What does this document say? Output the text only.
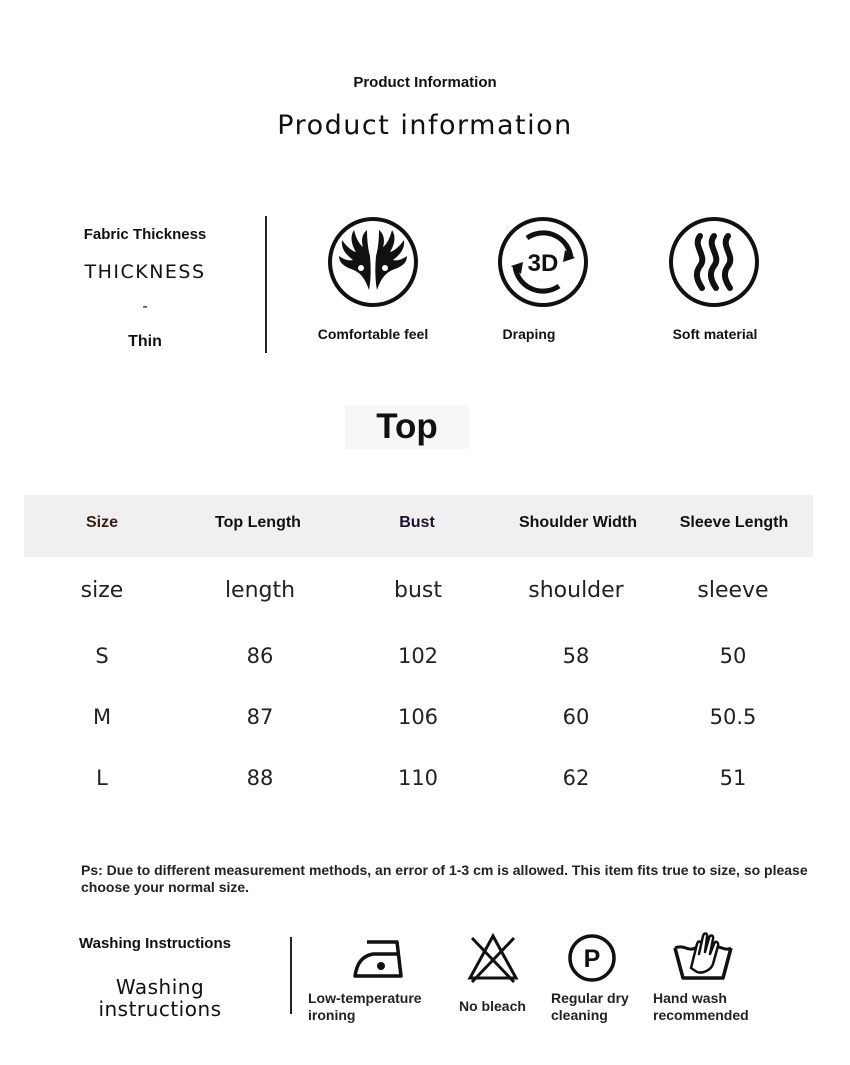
Product Information
Product information
Fabric Thickness
THICKNESS
-
Thin
3D
Comfortable feel	Draping	Soft material
Top
Size	Top Length	Bust	Shoulder Width	Sleeve Length
size	length	bust	shoulder	sleeve
S	86	102	58	50
M	87	106	60	50.5
L	88	110	62	51
Ps: Due to different measurement methods, an error of 1-3 cm is allowed. This item fits true to size, so please choose your normal size.
Washing Instructions
Washing
instructions
P
Low-temperature
ironing
No bleach Regular dry
cleaning
Hand wash
recommended
